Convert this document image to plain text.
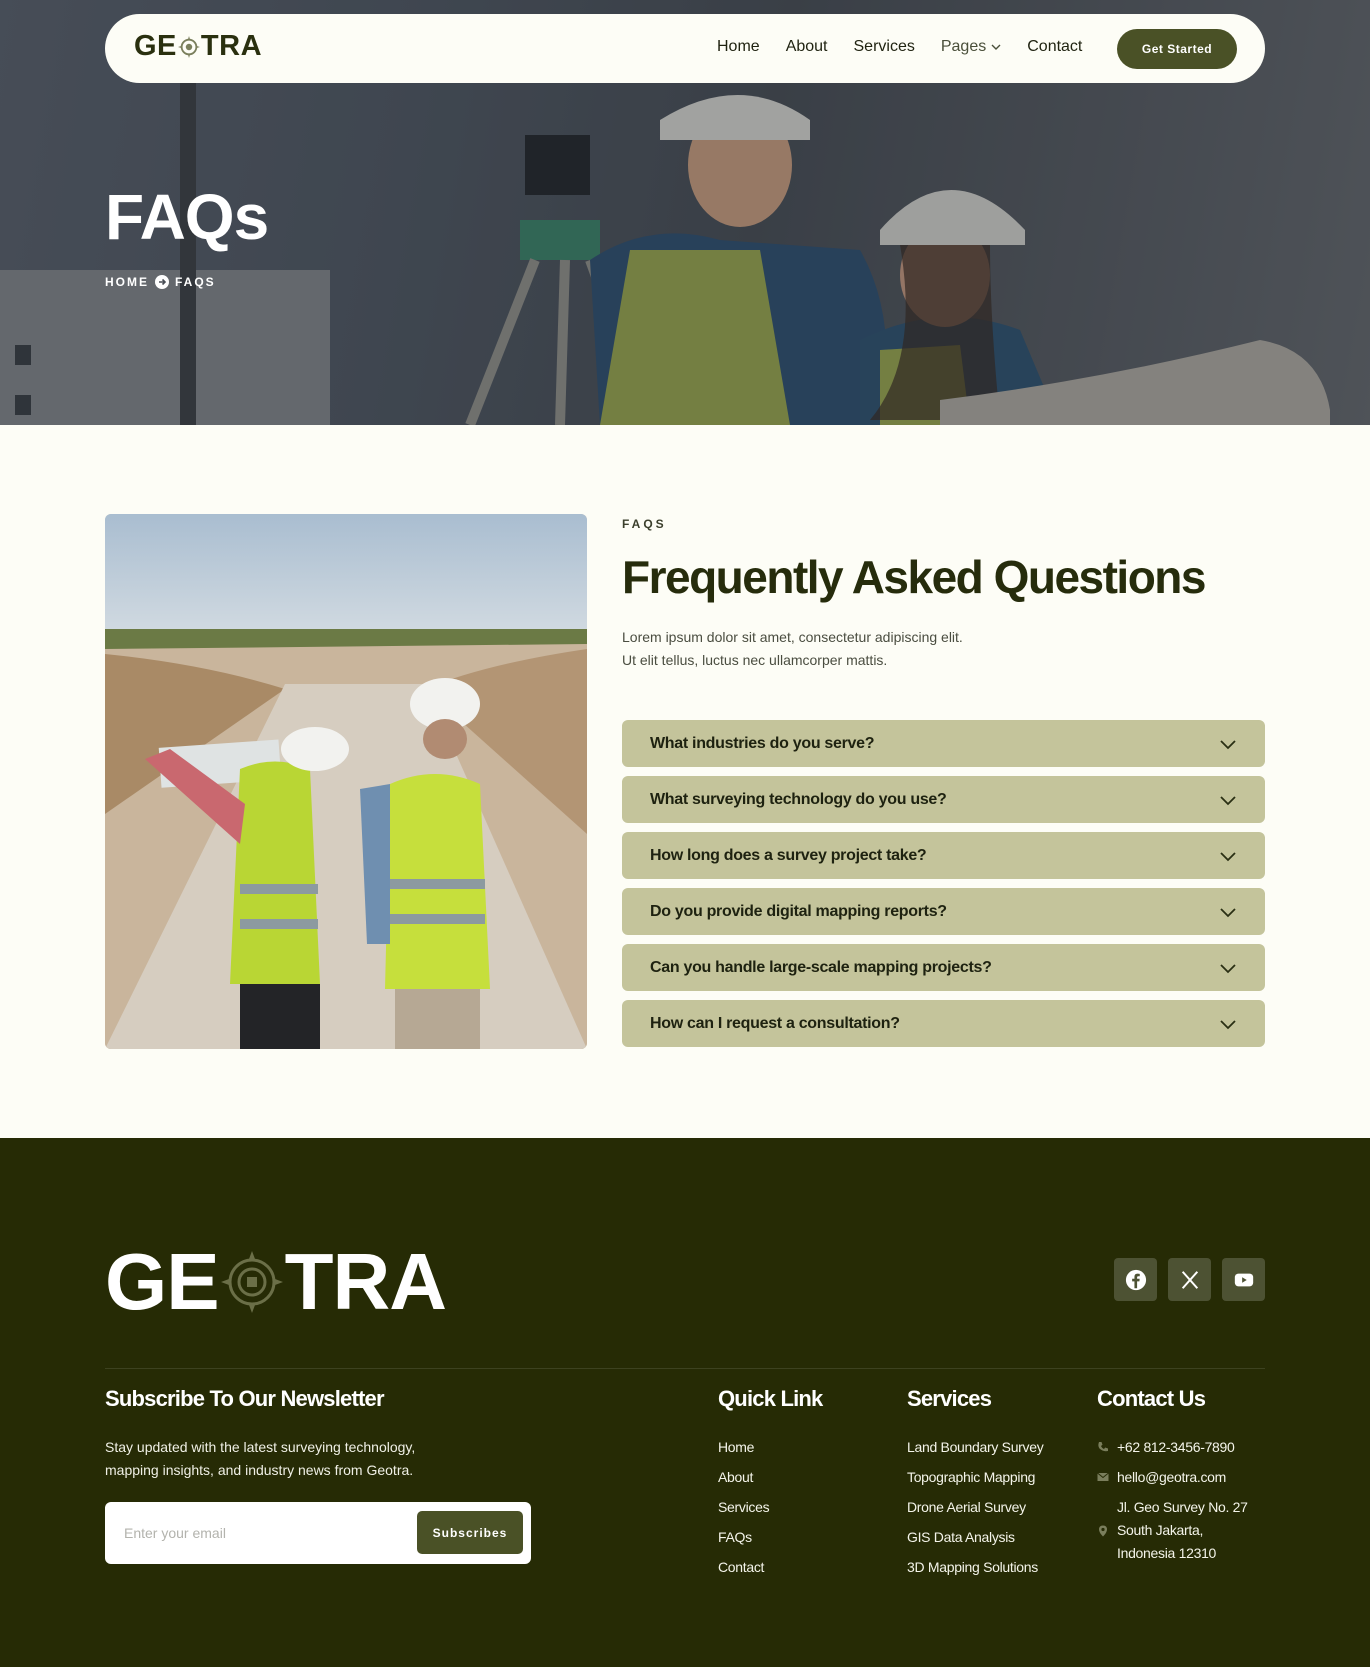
GE TRA	Home About Services Pages	Contact	Get Started
FAQs
HOME FAQS
FAQS
Frequently Asked Questions
Lorem ipsum dolor sit amet, consectetur adipiscing elit.
Ut elit tellus, luctus nec ullamcorper mattis.
What industries do you serve?
What surveying technology do you use?
How long does a survey project take?
Do you provide digital mapping reports?
Can you handle large-scale mapping projects?
How can I request a consultation?
GE TRA
Subscribe To Our Newsletter
Stay updated with the latest surveying technology,
mapping insights, and industry news from Geotra.
Enter your email
Subscribes
Quick Link
Home
About
Services
FAQs
Contact
Services
Land Boundary Survey
Topographic Mapping
Drone Aerial Survey
GIS Data Analysis
3D Mapping Solutions
Contact Us
+62 812-3456-7890
hello@geotra.com
Jl. Geo Survey No. 27
South Jakarta,
Indonesia 12310
